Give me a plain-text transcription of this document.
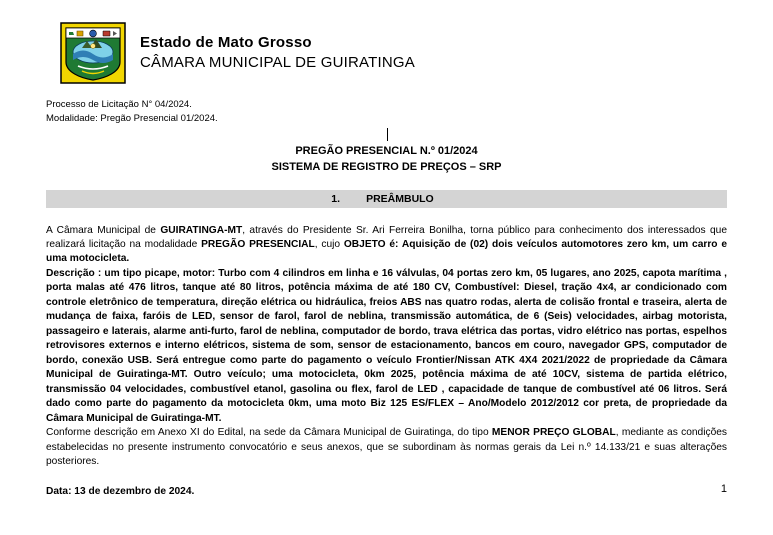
Estado de Mato Grosso
CÂMARA MUNICIPAL DE GUIRATINGA
Processo de Licitação N° 04/2024.
Modalidade: Pregão Presencial 01/2024.
PREGÃO PRESENCIAL N.º 01/2024
SISTEMA DE REGISTRO DE PREÇOS – SRP
1.	PREÂMBULO

A Câmara Municipal de GUIRATINGA-MT, através do Presidente Sr. Ari Ferreira Bonilha, torna público para conhecimento dos interessados que realizará licitação na modalidade PREGÃO PRESENCIAL, cujo OBJETO é: Aquisição de (02) dois veículos automotores zero km, um carro e uma motocicleta.

Descrição : um tipo picape, motor: Turbo com 4 cilindros em linha e 16 válvulas, 04 portas zero km, 05 lugares, ano 2025, capota marítima , porta malas até 476 litros, tanque até 80 litros, potência máxima de até 180 CV, Combustível: Diesel, tração 4x4, ar condicionado com controle eletrônico de temperatura, direção elétrica ou hidráulica, freios ABS nas quatro rodas, alerta de colisão frontal e traseira, alerta de mudança de faixa, faróis de LED, sensor de farol, farol de neblina, transmissão automática, de 6 (Seis) velocidades, airbag motorista, passageiro e laterais, alarme anti-furto, farol de neblina, computador de bordo, trava elétrica das portas, vidro elétrico nas portas, espelhos retrovisores externos e interno elétricos, sistema de som, sensor de estacionamento, bancos em couro, navegador GPS, computador de bordo, conexão USB. Será entregue como parte do pagamento o veículo Frontier/Nissan ATK 4X4 2021/2022 de propriedade da Câmara Municipal de Guiratinga-MT. Outro veículo; uma motocicleta, 0km 2025, potência máxima de até 10CV, sistema de partida elétrico, transmissão 04 velocidades, combustível etanol, gasolina ou flex, farol de LED , capacidade de tanque de combustível até 06 litros. Será dado como parte do pagamento da motocicleta 0km, uma moto Biz 125 ES/FLEX – Ano/Modelo 2012/2012 cor preta, de propriedade da Câmara Municipal de Guiratinga-MT.

Conforme descrição em Anexo XI do Edital, na sede da Câmara Municipal de Guiratinga, do tipo MENOR PREÇO GLOBAL, mediante as condições estabelecidas no presente instrumento convocatório e seus anexos, que se subordinam às normas gerais da Lei n.º 14.133/21 e suas alterações posteriores.

Data: 13 de dezembro de 2024.	1
